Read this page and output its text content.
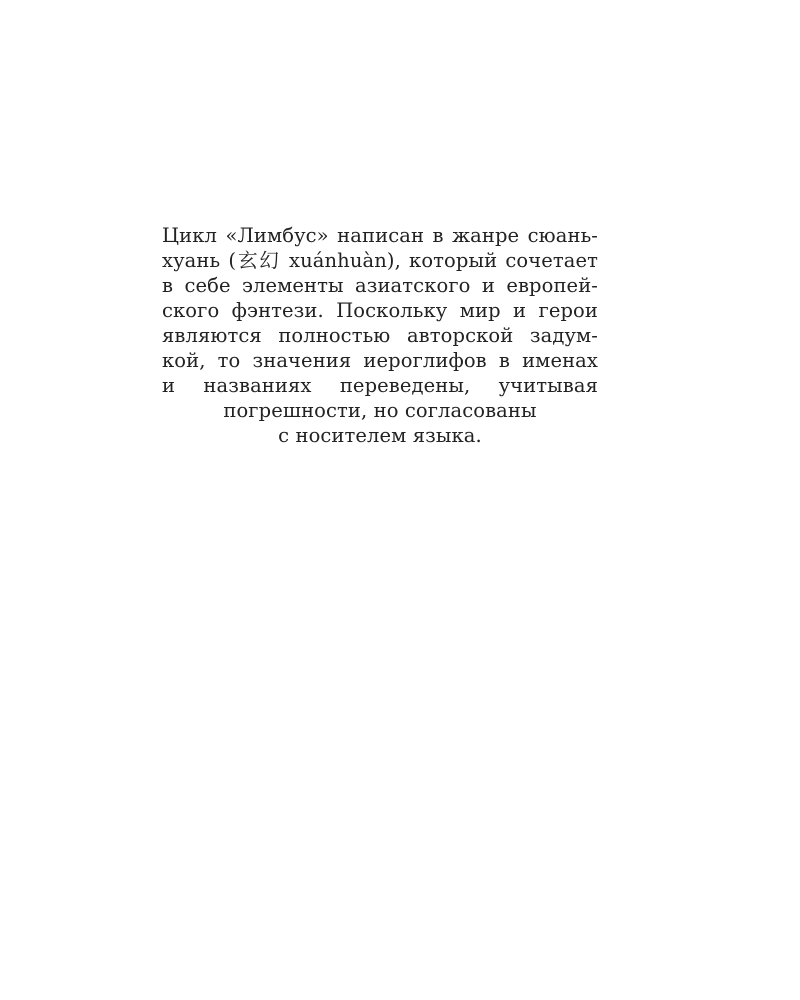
Цикл «Лимбус» написан в жанре сюань-
хуань (玄幻 xuánhuàn), который сочетает
в себе элементы азиатского и европей-
ского фэнтези. Поскольку мир и герои
являются полностью авторской задум-
кой, то значения иероглифов в именах
и названиях переведены, учитывая
погрешности, но согласованы
с носителем языка.
